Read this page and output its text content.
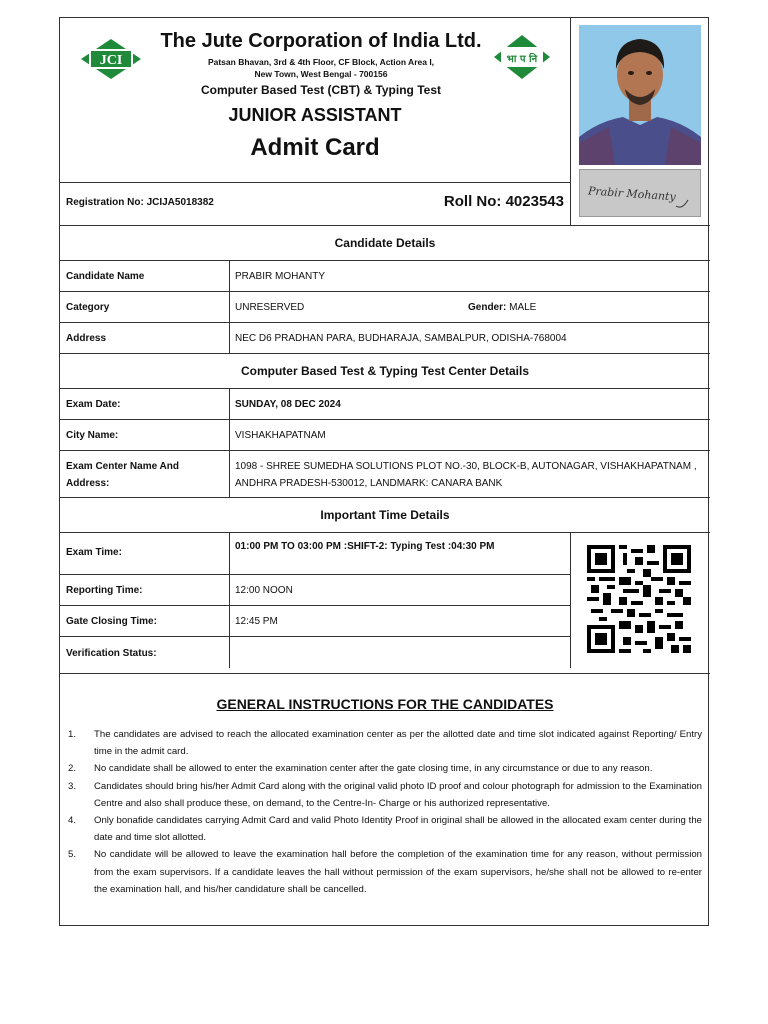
JCI
The Jute Corporation of India Ltd.
Patsan Bhavan, 3rd & 4th Floor, CF Block, Action Area I,
New Town, West Bengal - 700156
Computer Based Test (CBT) & Typing Test
JUNIOR ASSISTANT
Admit Card
भा प नि
Prabir Mohanty
Registration No: JCIJA5018382	Roll No: 4023543
Candidate Details
Candidate Name	PRABIR MOHANTY
Category	UNRESERVED	Gender: MALE
Address	NEC D6 PRADHAN PARA, BUDHARAJA, SAMBALPUR, ODISHA-768004
Computer Based Test & Typing Test Center Details
Exam Date:	SUNDAY, 08 DEC 2024
City Name:	VISHAKHAPATNAM
Exam Center Name And
Address:
1098 - SHREE SUMEDHA SOLUTIONS PLOT NO.-30, BLOCK-B, AUTONAGAR, VISHAKHAPATNAM ,
ANDHRA PRADESH-530012, LANDMARK: CANARA BANK
Important Time Details
Exam Time:
01:00 PM TO 03:00 PM :SHIFT-2: Typing Test :04:30 PM
Reporting Time:	12:00 NOON
Gate Closing Time:	12:45 PM
Verification Status:
GENERAL INSTRUCTIONS FOR THE CANDIDATES
1. The candidates are advised to reach the allocated examination center as per the allotted date and time slot indicated against Reporting/ Entry time in the admit card.
2. No candidate shall be allowed to enter the examination center after the gate closing time, in any circumstance or due to any reason.
3. Candidates should bring his/her Admit Card along with the original valid photo ID proof and colour photograph for admission to the Examination Centre and also shall produce these, on demand, to the Centre-In- Charge or his authorized representative.
4. Only bonafide candidates carrying Admit Card and valid Photo Identity Proof in original shall be allowed in the allocated exam center during the date and time slot allotted.
5. No candidate will be allowed to leave the examination hall before the completion of the examination time for any reason, without permission from the exam supervisors. If a candidate leaves the hall without permission of the exam supervisors, he/she shall not be allowed to re-enter the examination hall, and his/her candidature shall be cancelled.
